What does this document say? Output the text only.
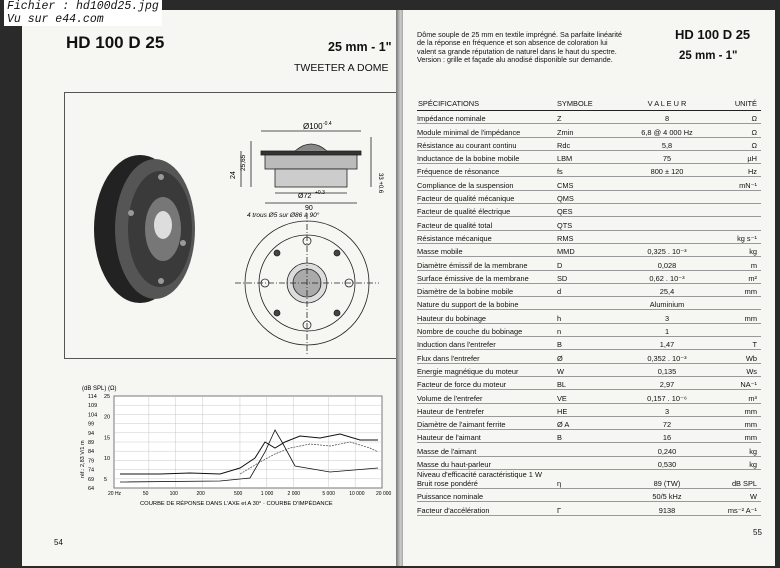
Fichier : hd100d25.jpg
Vu sur e44.com
HD 100 D 25	25 mm - 1"
TWEETER A DOME
Ø100 -0.4
Ø72 +0.3
90
4 trous Ø5 sur Ø86 à 90°
24
25,65
33 +0.6
(dB SPL) (Ω)
114
109
104
99
94
89
84
79
74
69
64
25
20
15
10
5
20 Hz	50	100	200	500	1 000	2 000	5 000	10 000 20 000
réf.: 2,83 V/1 m
COURBE DE RÉPONSE DANS L'AXE et A 30° · COURBE D'IMPÉDANCE
54
Dôme souple de 25 mm en textile imprégné. Sa parfaite linéarité de la réponse en fréquence et son absence de coloration lui valent sa grande réputation de naturel dans le haut du spectre. Version : grille et façade alu anodisé disponible sur demande.
HD 100 D 25
25 mm - 1"
SPÉCIFICATIONS	SYMBOLE	V A L E U R	UNITÉ
Impédance nominale	Z	8	Ω
Module minimal de l'impédance	Zmin	6,8 @ 4 000 Hz	Ω
Résistance au courant continu	Rdc	5,8	Ω
Inductance de la bobine mobile	LBM	75	µH
Fréquence de résonance	fs	800 ± 120	Hz
Compliance de la suspension	CMS		mN⁻¹
Facteur de qualité mécanique	QMS		
Facteur de qualité électrique	QES		
Facteur de qualité total	QTS		
Résistance mécanique	RMS		kg s⁻¹
Masse mobile	MMD	0,325 . 10⁻³	kg
Diamètre émissif de la membrane	D	0,028	m
Surface émissive de la membrane	SD	0,62 . 10⁻³	m²
Diamètre de la bobine mobile	d	25,4	mm
Nature du support de la bobine		Aluminium	
Hauteur du bobinage	h	3	mm
Nombre de couche du bobinage	n	1	
Induction dans l'entrefer	B	1,47	T
Flux dans l'entrefer	Ø	0,352 . 10⁻³	Wb
Energie magnétique du moteur	W	0,135	Ws
Facteur de force du moteur	BL	2,97	NA⁻¹
Volume de l'entrefer	VE	0,157 . 10⁻⁶	m³
Hauteur de l'entrefer	HE	3	mm
Diamètre de l'aimant ferrite	Ø A	72	mm
Hauteur de l'aimant	B	16	mm
Masse de l'aimant		0,240	kg
Masse du haut-parleur		0,530	kg
Niveau d'efficacité caractéristique 1 W Bruit rose pondéré	η	89 (TW)	dB SPL
Puissance nominale		50/5 kHz	W
Facteur d'accélération	Γ	9138	ms⁻² A⁻¹
55
